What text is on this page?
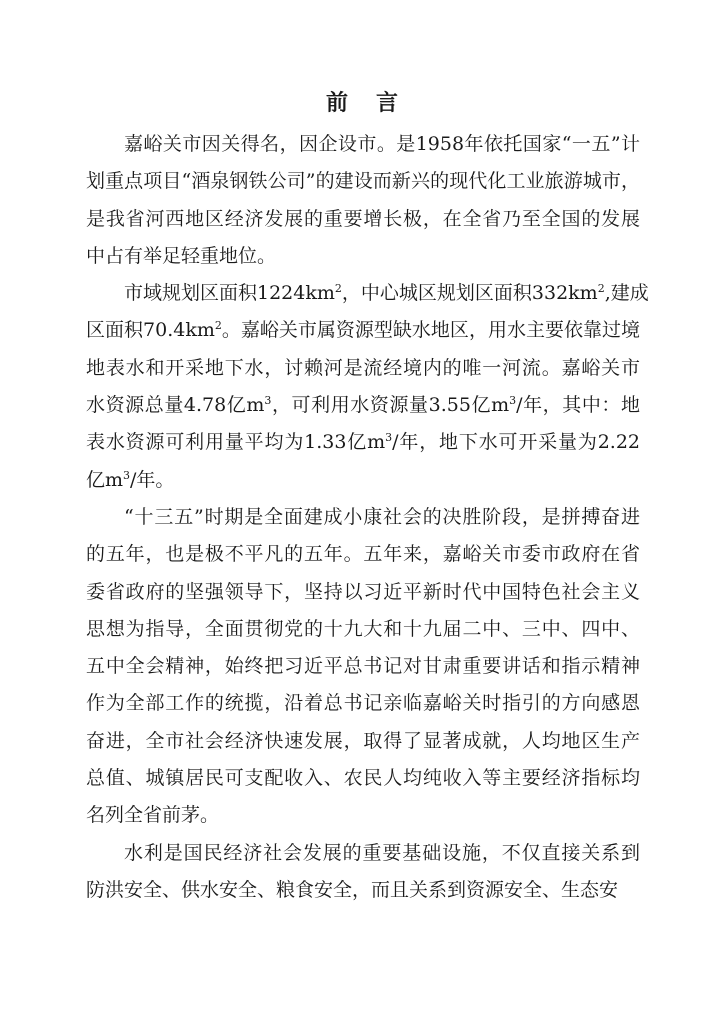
前 言
嘉峪关市因关得名，因企设市。是1958年依托国家“一五”计
划重点项目“酒泉钢铁公司”的建设而新兴的现代化工业旅游城市，
是我省河西地区经济发展的重要增长极，在全省乃至全国的发展
中占有举足轻重地位。
市域规划区面积$1224km^2$，中心城区规划区面积$332km^2$,建成
区面积$70.4km^2$。嘉峪关市属资源型缺水地区，用水主要依靠过境
地表水和开采地下水，讨赖河是流经境内的唯一河流。嘉峪关市
水资源总量4.78亿$m^3$，可利用水资源量3.55亿$m^3/$年，其中：地
表水资源可利用量平均为1.33亿$m^3/$年，地下水可开采量为2.22
亿$m^3/$年。
“十三五”时期是全面建成小康社会的决胜阶段，是拼搏奋进
的五年，也是极不平凡的五年。五年来，嘉峪关市委市政府在省
委省政府的坚强领导下，坚持以习近平新时代中国特色社会主义
思想为指导，全面贯彻党的十九大和十九届二中、三中、四中、
五中全会精神，始终把习近平总书记对甘肃重要讲话和指示精神
作为全部工作的统揽，沿着总书记亲临嘉峪关时指引的方向感恩
奋进，全市社会经济快速发展，取得了显著成就，人均地区生产
总值、城镇居民可支配收入、农民人均纯收入等主要经济指标均
名列全省前茅。
水利是国民经济社会发展的重要基础设施，不仅直接关系到
防洪安全、供水安全、粮食安全，而且关系到资源安全、生态安
